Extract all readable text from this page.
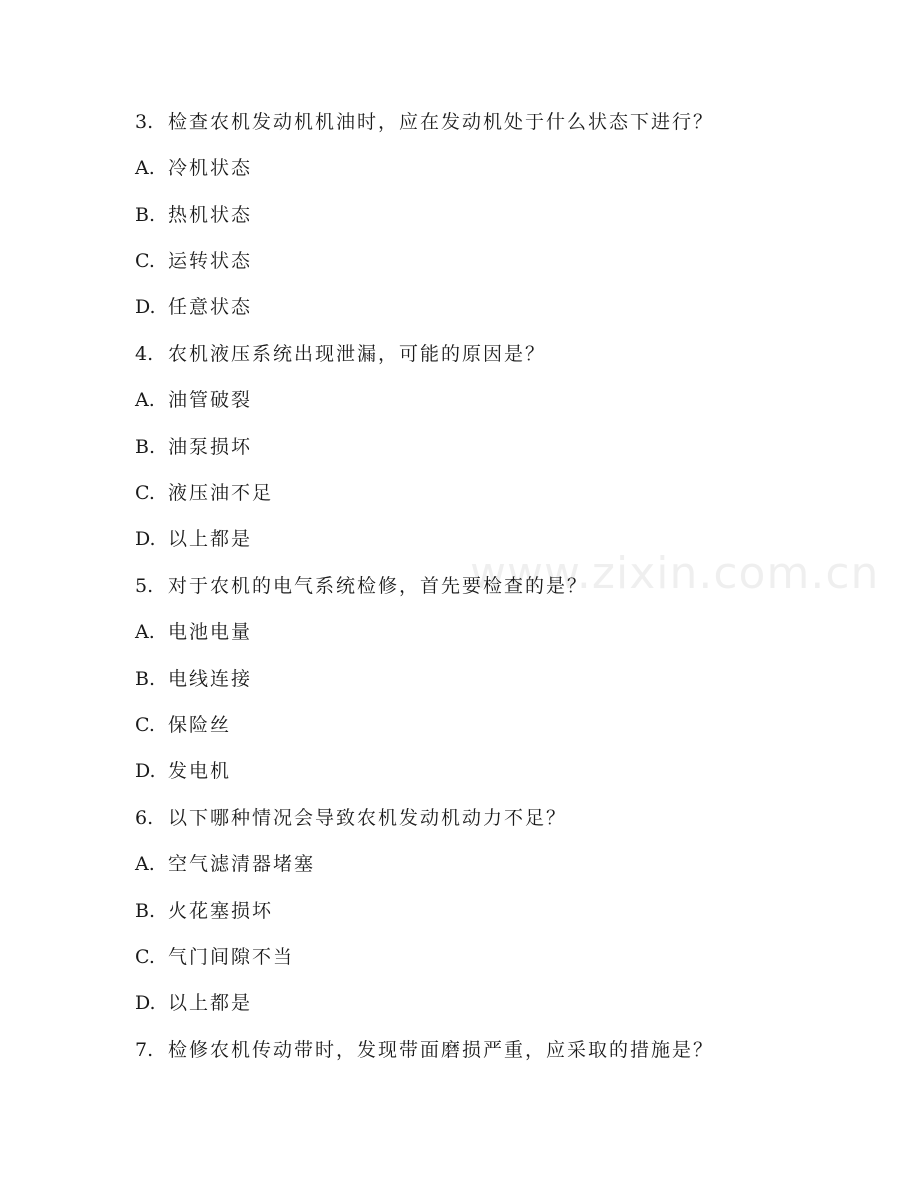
www.zixin.com.cn
3. 检查农机发动机机油时，应在发动机处于什么状态下进行？
A. 冷机状态
B. 热机状态
C. 运转状态
D. 任意状态
4. 农机液压系统出现泄漏，可能的原因是？
A. 油管破裂
B. 油泵损坏
C. 液压油不足
D. 以上都是
5. 对于农机的电气系统检修，首先要检查的是？
A. 电池电量
B. 电线连接
C. 保险丝
D. 发电机
6. 以下哪种情况会导致农机发动机动力不足？
A. 空气滤清器堵塞
B. 火花塞损坏
C. 气门间隙不当
D. 以上都是
7. 检修农机传动带时，发现带面磨损严重，应采取的措施是？
